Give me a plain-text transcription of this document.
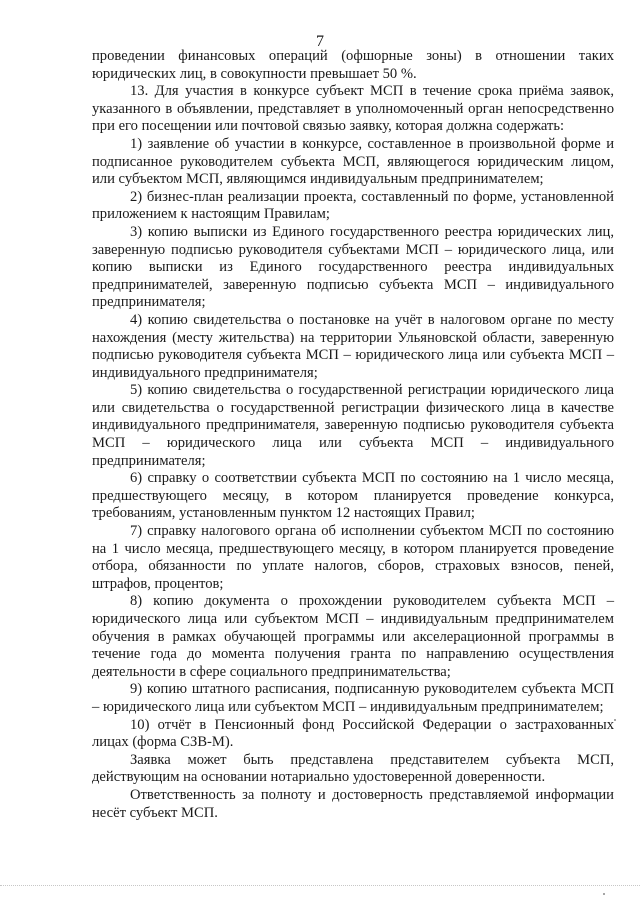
7

проведении финансовых операций (офшорные зоны) в отношении таких юридических лиц, в совокупности превышает 50 %.

13. Для участия в конкурсе субъект МСП в течение срока приёма заявок, указанного в объявлении, представляет в уполномоченный орган непосредственно при его посещении или почтовой связью заявку, которая должна содержать:

1) заявление об участии в конкурсе, составленное в произвольной форме и подписанное руководителем субъекта МСП, являющегося юридическим лицом, или субъектом МСП, являющимся индивидуальным предпринимателем;

2) бизнес-план реализации проекта, составленный по форме, установленной приложением к настоящим Правилам;

3) копию выписки из Единого государственного реестра юридических лиц, заверенную подписью руководителя субъектами МСП – юридического лица, или копию выписки из Единого государственного реестра индивидуальных предпринимателей, заверенную подписью субъекта МСП – индивидуального предпринимателя;

4) копию свидетельства о постановке на учёт в налоговом органе по месту нахождения (месту жительства) на территории Ульяновской области, заверенную подписью руководителя субъекта МСП – юридического лица или субъекта МСП – индивидуального предпринимателя;

5) копию свидетельства о государственной регистрации юридического лица или свидетельства о государственной регистрации физического лица в качестве индивидуального предпринимателя, заверенную подписью руководителя субъекта МСП – юридического лица или субъекта МСП – индивидуального предпринимателя;

6) справку о соответствии субъекта МСП по состоянию на 1 число месяца, предшествующего месяцу, в котором планируется проведение конкурса, требованиям, установленным пунктом 12 настоящих Правил;

7) справку налогового органа об исполнении субъектом МСП по состоянию на 1 число месяца, предшествующего месяцу, в котором планируется проведение отбора, обязанности по уплате налогов, сборов, страховых взносов, пеней, штрафов, процентов;

8) копию документа о прохождении руководителем субъекта МСП – юридического лица или субъектом МСП – индивидуальным предпринимателем обучения в рамках обучающей программы или акселерационной программы в течение года до момента получения гранта по направлению осуществления деятельности в сфере социального предпринимательства;

9) копию штатного расписания, подписанную руководителем субъекта МСП – юридического лица или субъектом МСП – индивидуальным предпринимателем;

10) отчёт в Пенсионный фонд Российской Федерации о застрахованных лицах (форма СЗВ-М).

Заявка может быть представлена представителем субъекта МСП, действующим на основании нотариально удостоверенной доверенности.

Ответственность за полноту и достоверность представляемой информации несёт субъект МСП.
